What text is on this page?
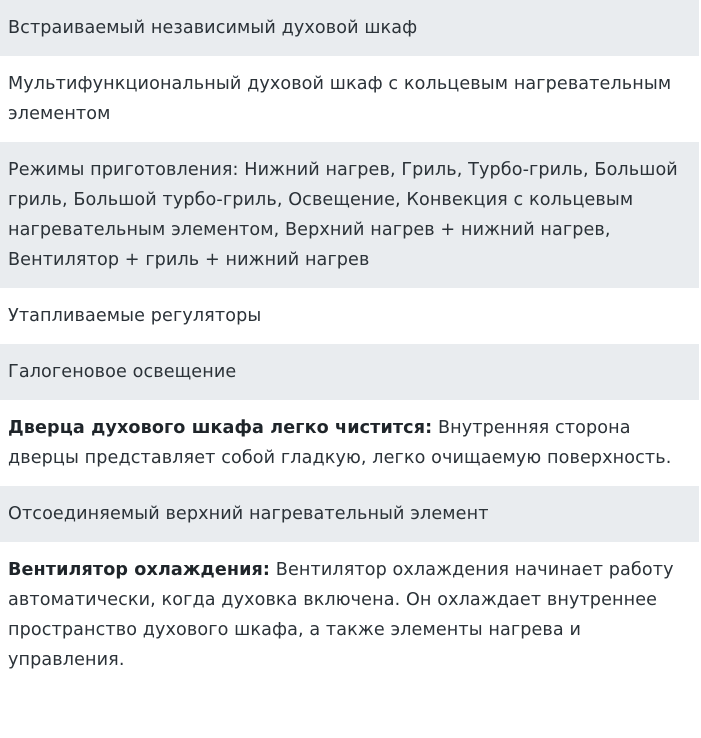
Встраиваемый независимый духовой шкаф
Мультифункциональный духовой шкаф с кольцевым нагревательным элементом
Режимы приготовления: Нижний нагрев, Гриль, Турбо-гриль, Большой гриль, Большой турбо-гриль, Освещение, Конвекция с кольцевым нагревательным элементом, Верхний нагрев + нижний нагрев, Вентилятор + гриль + нижний нагрев
Утапливаемые регуляторы
Галогеновое освещение
Дверца духового шкафа легко чистится: Внутренняя сторона дверцы представляет собой гладкую, легко очищаемую поверхность.
Отсоединяемый верхний нагревательный элемент
Вентилятор охлаждения: Вентилятор охлаждения начинает работу автоматически, когда духовка включена. Он охлаждает внутреннее пространство духового шкафа, а также элементы нагрева и управления.
